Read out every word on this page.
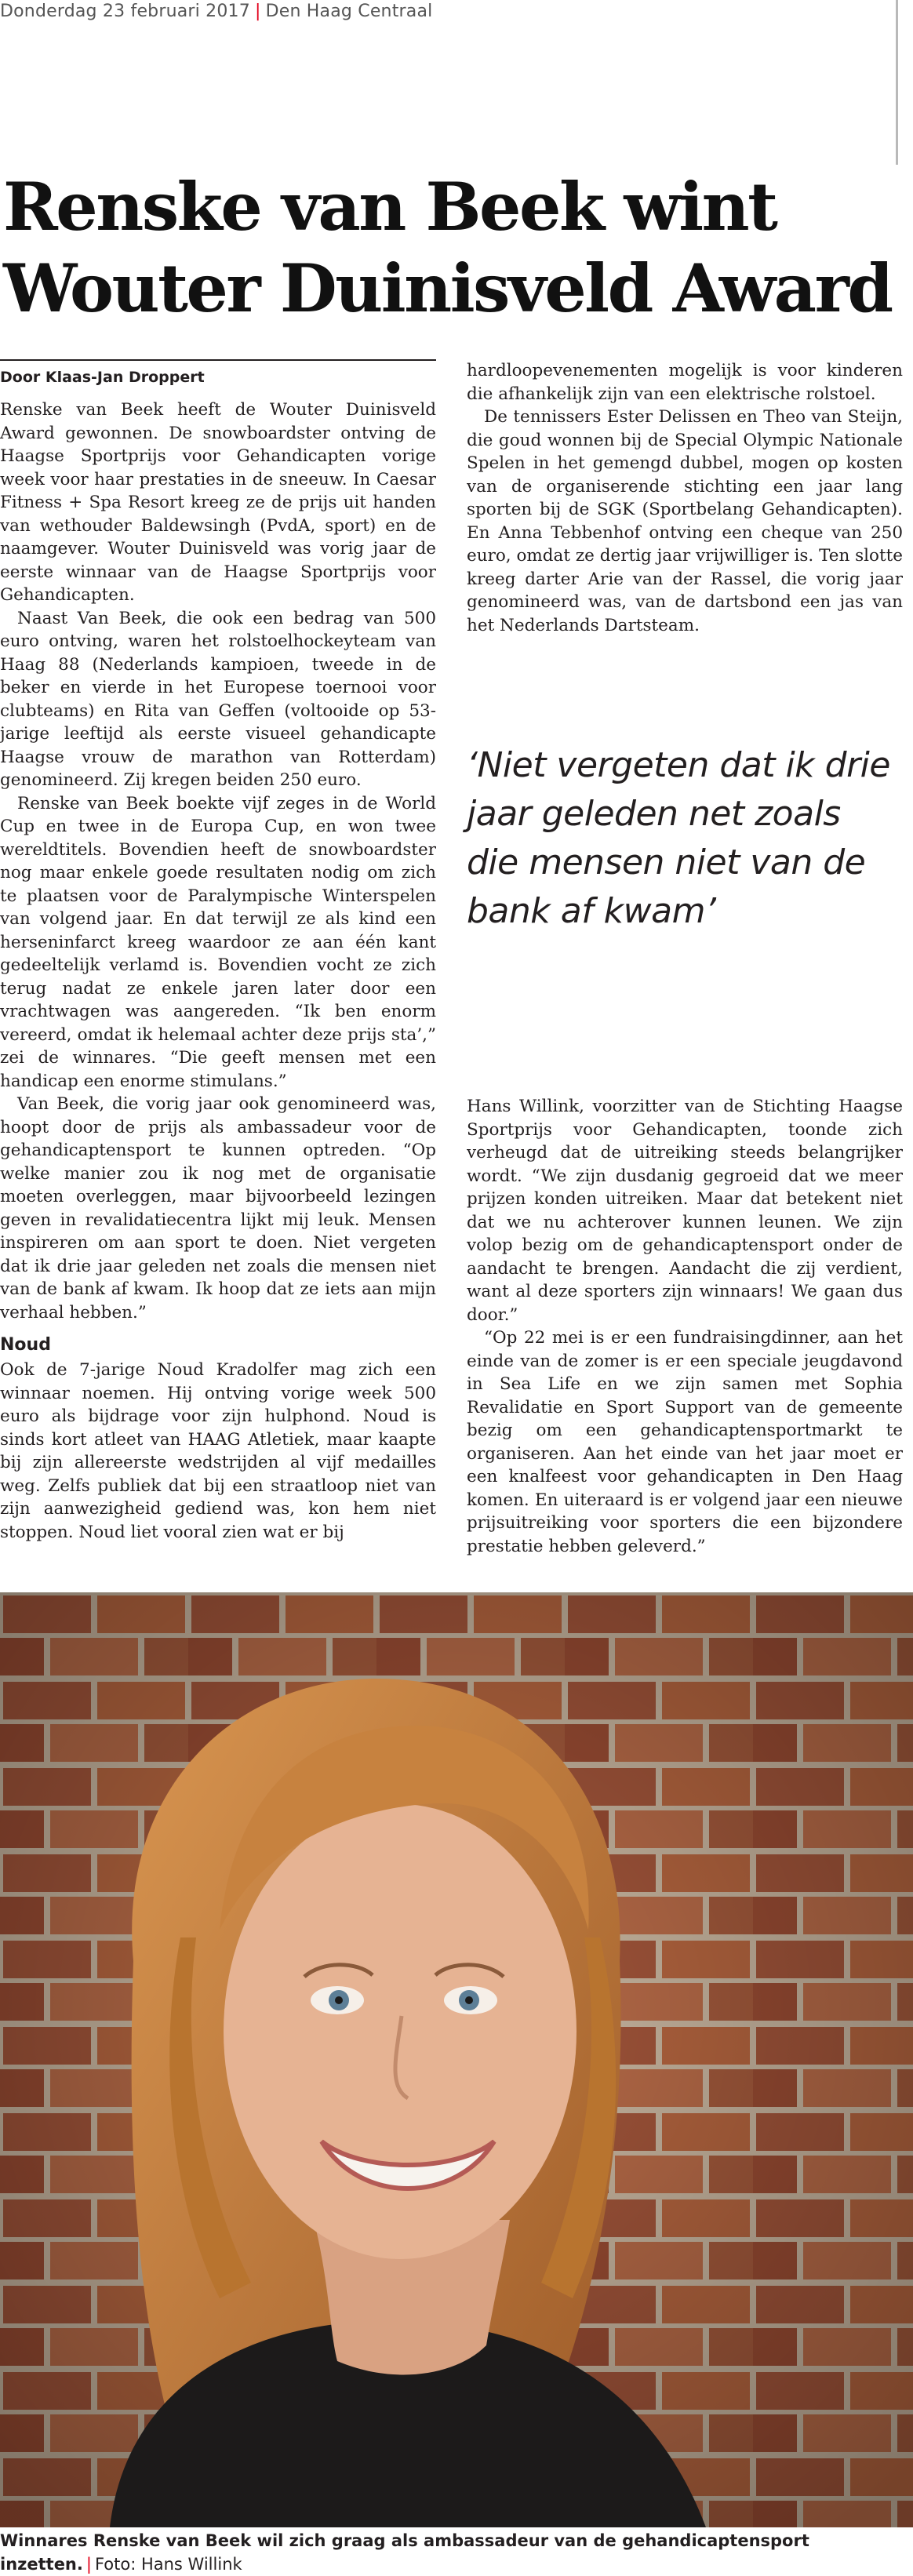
Donderdag 23 februari 2017 | Den Haag Centraal
Renske van Beek wint Wouter Duinisveld Award
Door Klaas-Jan Droppert

Renske van Beek heeft de Wouter Duinisveld Award gewonnen. De snowboardster ontving de Haagse Sportprijs voor Gehandicapten vorige week voor haar prestaties in de sneeuw. In Caesar Fitness + Spa Resort kreeg ze de prijs uit handen van wethouder Baldewsingh (PvdA, sport) en de naamgever. Wouter Duinisveld was vorig jaar de eerste winnaar van de Haagse Sportprijs voor Gehandicapten.

Naast Van Beek, die ook een bedrag van 500 euro ontving, waren het rolstoelhockeyteam van Haag 88 (Nederlands kampioen, tweede in de beker en vierde in het Europese toernooi voor clubteams) en Rita van Geffen (voltooide op 53-jarige leeftijd als eerste visueel gehandicapte Haagse vrouw de marathon van Rotterdam) genomineerd. Zij kregen beiden 250 euro.

Renske van Beek boekte vijf zeges in de World Cup en twee in de Europa Cup, en won twee wereldtitels. Bovendien heeft de snowboardster nog maar enkele goede resultaten nodig om zich te plaatsen voor de Paralympische Winterspelen van volgend jaar. En dat terwijl ze als kind een herseninfarct kreeg waardoor ze aan één kant gedeeltelijk verlamd is. Bovendien vocht ze zich terug nadat ze enkele jaren later door een vrachtwagen was aangereden. “Ik ben enorm vereerd, omdat ik helemaal achter deze prijs sta’,” zei de winnares. “Die geeft mensen met een handicap een enorme stimulans.”

Van Beek, die vorig jaar ook genomineerd was, hoopt door de prijs als ambassadeur voor de gehandicaptensport te kunnen optreden. “Op welke manier zou ik nog met de organisatie moeten overleggen, maar bijvoorbeeld lezingen geven in revalidatiecentra lijkt mij leuk. Mensen inspireren om aan sport te doen. Niet vergeten dat ik drie jaar geleden net zoals die mensen niet van de bank af kwam. Ik hoop dat ze iets aan mijn verhaal hebben.”

Noud

Ook de 7-jarige Noud Kradolfer mag zich een winnaar noemen. Hij ontving vorige week 500 euro als bijdrage voor zijn hulphond. Noud is sinds kort atleet van HAAG Atletiek, maar kaapte bij zijn allereerste wedstrijden al vijf medailles weg. Zelfs publiek dat bij een straatloop niet van zijn aanwezigheid gediend was, kon hem niet stoppen. Noud liet vooral zien wat er bij

hardloopevenementen mogelijk is voor kinderen die afhankelijk zijn van een elektrische rolstoel.

De tennissers Ester Delissen en Theo van Steijn, die goud wonnen bij de Special Olympic Nationale Spelen in het gemengd dubbel, mogen op kosten van de organiserende stichting een jaar lang sporten bij de SGK (Sportbelang Gehandicapten). En Anna Tebbenhof ontving een cheque van 250 euro, omdat ze dertig jaar vrijwilliger is. Ten slotte kreeg darter Arie van der Rassel, die vorig jaar genomineerd was, van de dartsbond een jas van het Nederlands Dartsteam.

‘Niet vergeten dat ik drie jaar geleden net zoals die mensen niet van de bank af kwam’

Hans Willink, voorzitter van de Stichting Haagse Sportprijs voor Gehandicapten, toonde zich verheugd dat de uitreiking steeds belangrijker wordt. “We zijn dusdanig gegroeid dat we meer prijzen konden uitreiken. Maar dat betekent niet dat we nu achterover kunnen leunen. We zijn volop bezig om de gehandicaptensport onder de aandacht te brengen. Aandacht die zij verdient, want al deze sporters zijn winnaars! We gaan dus door.”

“Op 22 mei is er een fundraisingdinner, aan het einde van de zomer is er een speciale jeugdavond in Sea Life en we zijn samen met Sophia Revalidatie en Sport Support van de gemeente bezig om een gehandicaptensportmarkt te organiseren. Aan het einde van het jaar moet er een knalfeest voor gehandicapten in Den Haag komen. En uiteraard is er volgend jaar een nieuwe prijsuitreiking voor sporters die een bijzondere prestatie hebben geleverd.”

Winnares Renske van Beek wil zich graag als ambassadeur van de gehandicaptensport inzetten. | Foto: Hans Willink
